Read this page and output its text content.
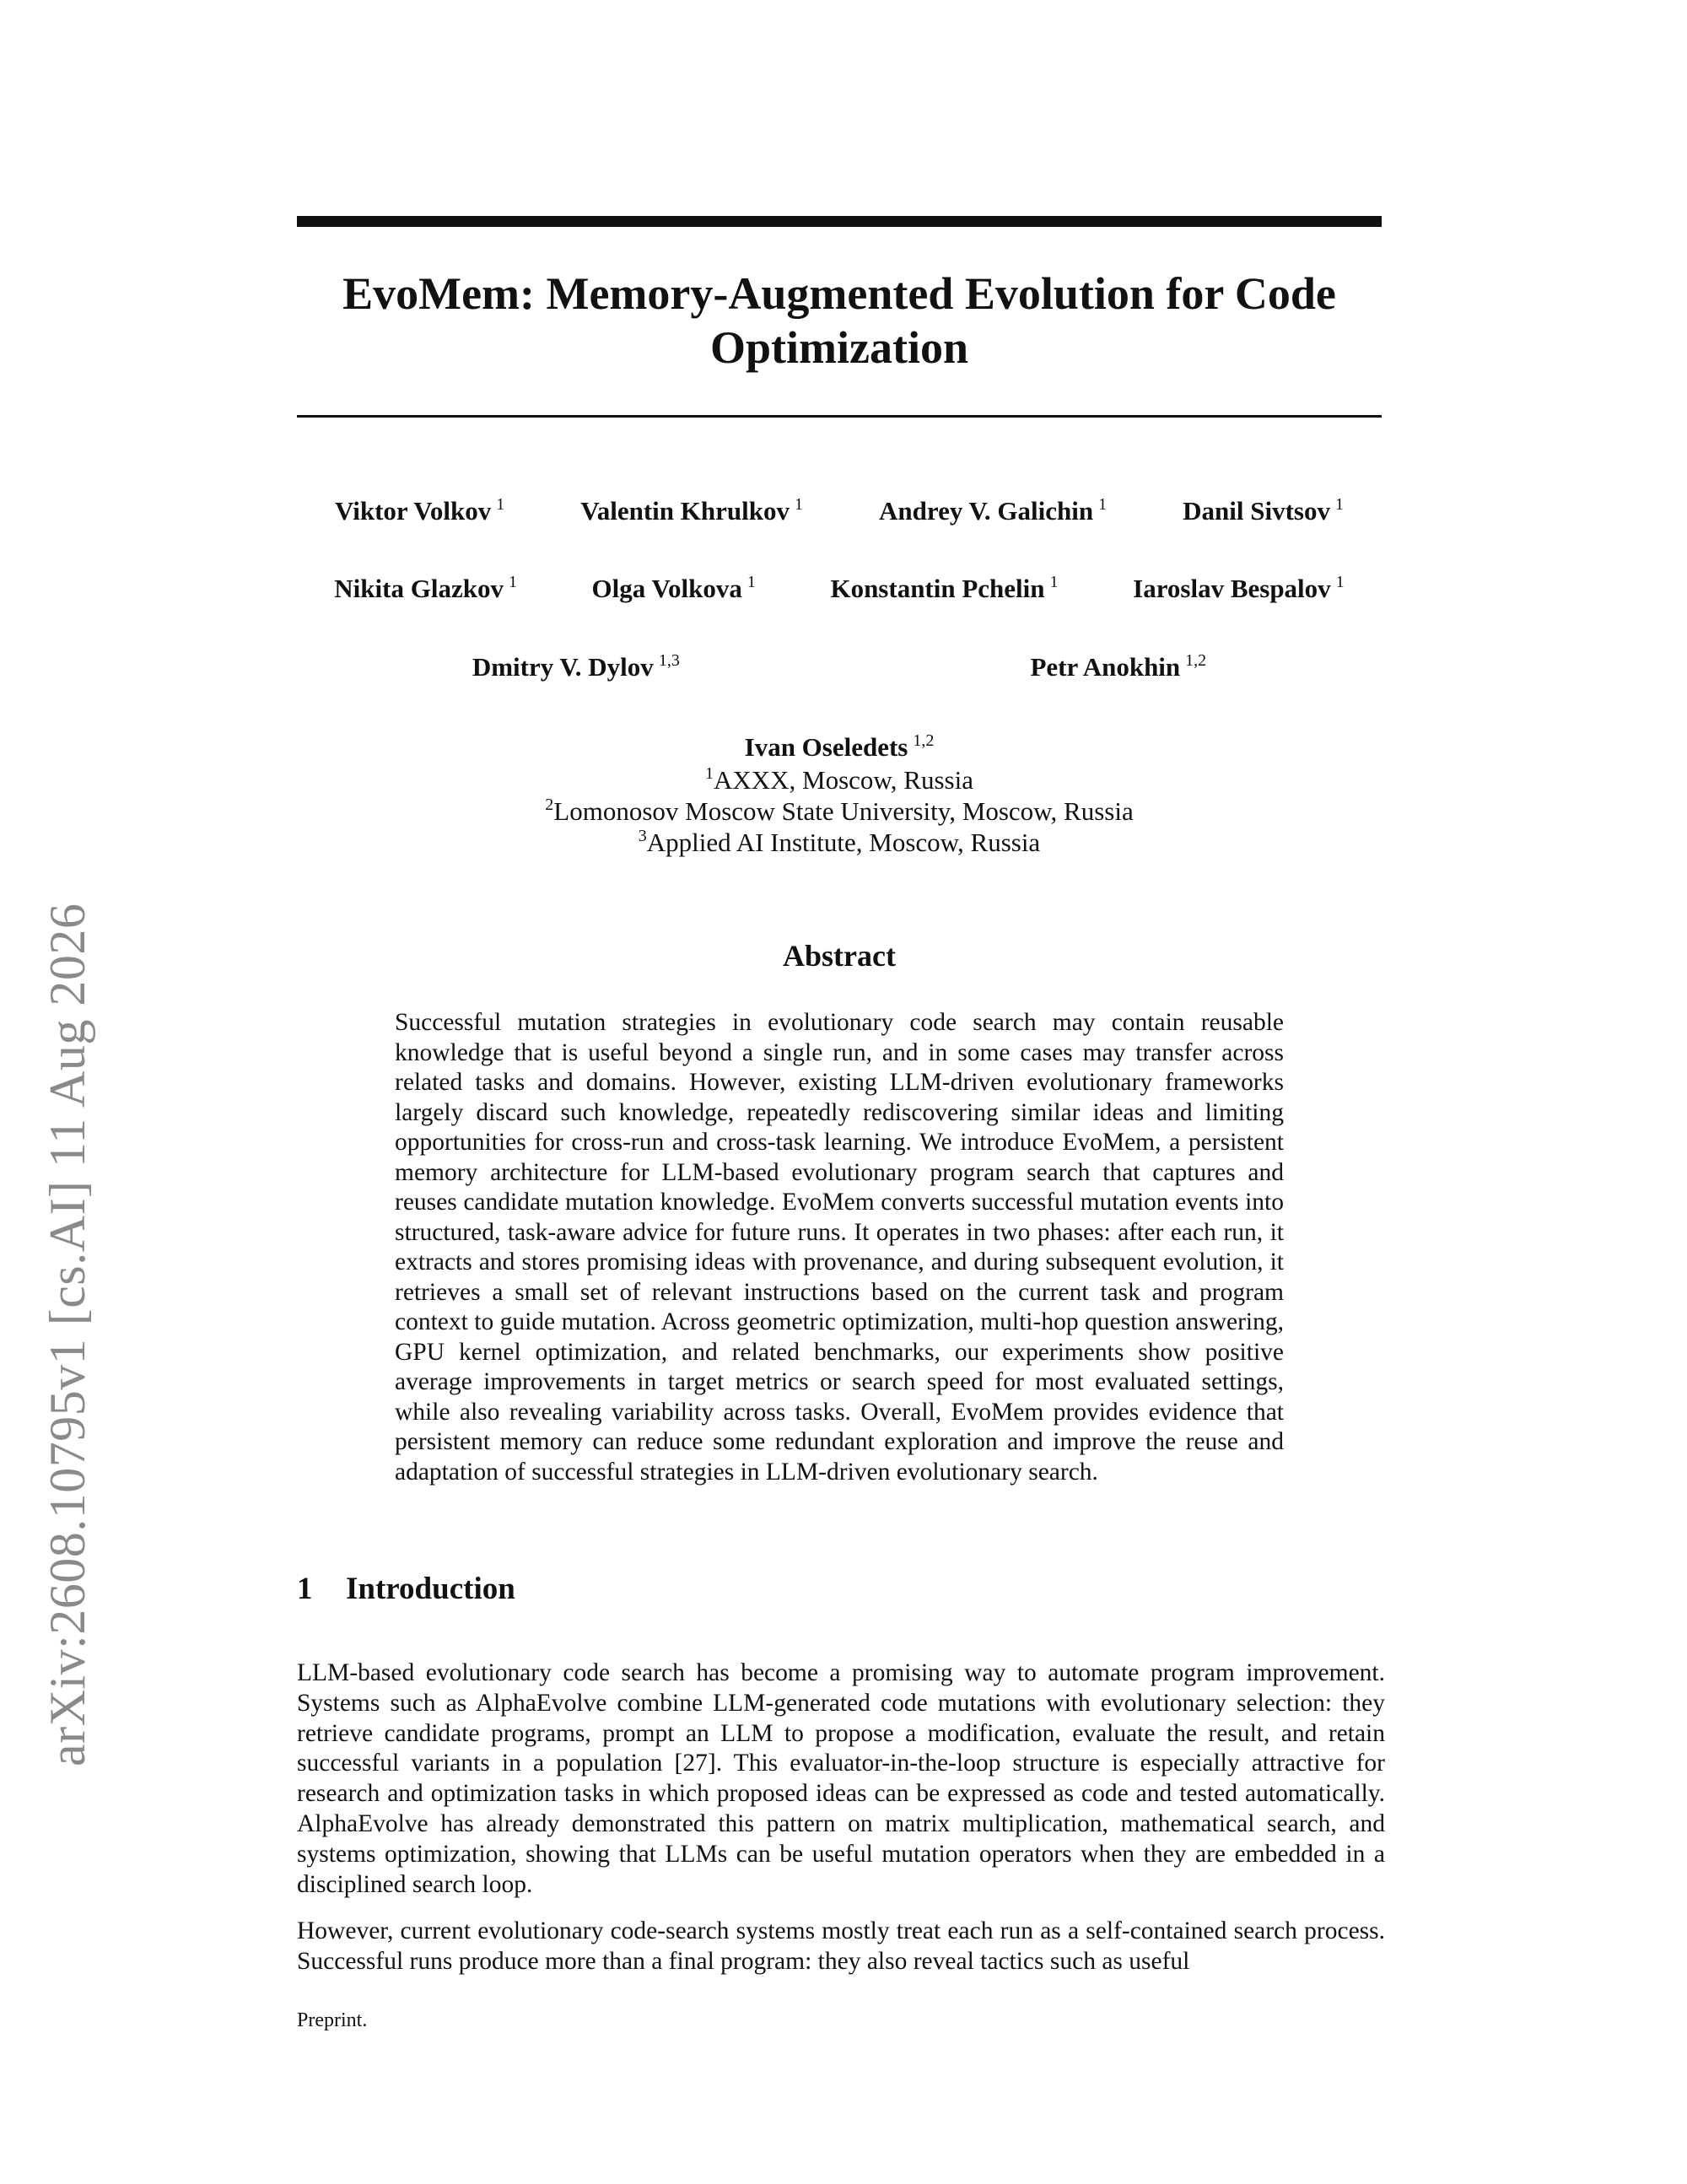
arXiv:2608.10795v1 [cs.AI] 11 Aug 2026
EvoMem: Memory-Augmented Evolution for Code Optimization
Viktor Volkov $^1$	Valentin Khrulkov $^1$	Andrey V. Galichin $^1$	Danil Sivtsov $^1$
Nikita Glazkov $^1$	Olga Volkova $^1$	Konstantin Pchelin $^1$	Iaroslav Bespalov $^1$
Dmitry V. Dylov $^{1,3}$	Petr Anokhin $^{1,2}$
Ivan Oseledets $^{1,2}$
$^1$AXXX, Moscow, Russia
$^2$Lomonosov Moscow State University, Moscow, Russia
$^3$Applied AI Institute, Moscow, Russia
Abstract
Successful mutation strategies in evolutionary code search may contain reusable knowledge that is useful beyond a single run, and in some cases may transfer across related tasks and domains. However, existing LLM-driven evolutionary frameworks largely discard such knowledge, repeatedly rediscovering similar ideas and limiting opportunities for cross-run and cross-task learning. We introduce EvoMem, a persistent memory architecture for LLM-based evolutionary program search that captures and reuses candidate mutation knowledge. EvoMem converts successful mutation events into structured, task-aware advice for future runs. It operates in two phases: after each run, it extracts and stores promising ideas with provenance, and during subsequent evolution, it retrieves a small set of relevant instructions based on the current task and program context to guide mutation. Across geometric optimization, multi-hop question answering, GPU kernel optimization, and related benchmarks, our experiments show positive average improvements in target metrics or search speed for most evaluated settings, while also revealing variability across tasks. Overall, EvoMem provides evidence that persistent memory can reduce some redundant exploration and improve the reuse and adaptation of successful strategies in LLM-driven evolutionary search.
1 Introduction
LLM-based evolutionary code search has become a promising way to automate program improvement. Systems such as AlphaEvolve combine LLM-generated code mutations with evolutionary selection: they retrieve candidate programs, prompt an LLM to propose a modification, evaluate the result, and retain successful variants in a population [27]. This evaluator-in-the-loop structure is especially attractive for research and optimization tasks in which proposed ideas can be expressed as code and tested automatically. AlphaEvolve has already demonstrated this pattern on matrix multiplication, mathematical search, and systems optimization, showing that LLMs can be useful mutation operators when they are embedded in a disciplined search loop.
However, current evolutionary code-search systems mostly treat each run as a self-contained search process. Successful runs produce more than a final program: they also reveal tactics such as useful
Preprint.
